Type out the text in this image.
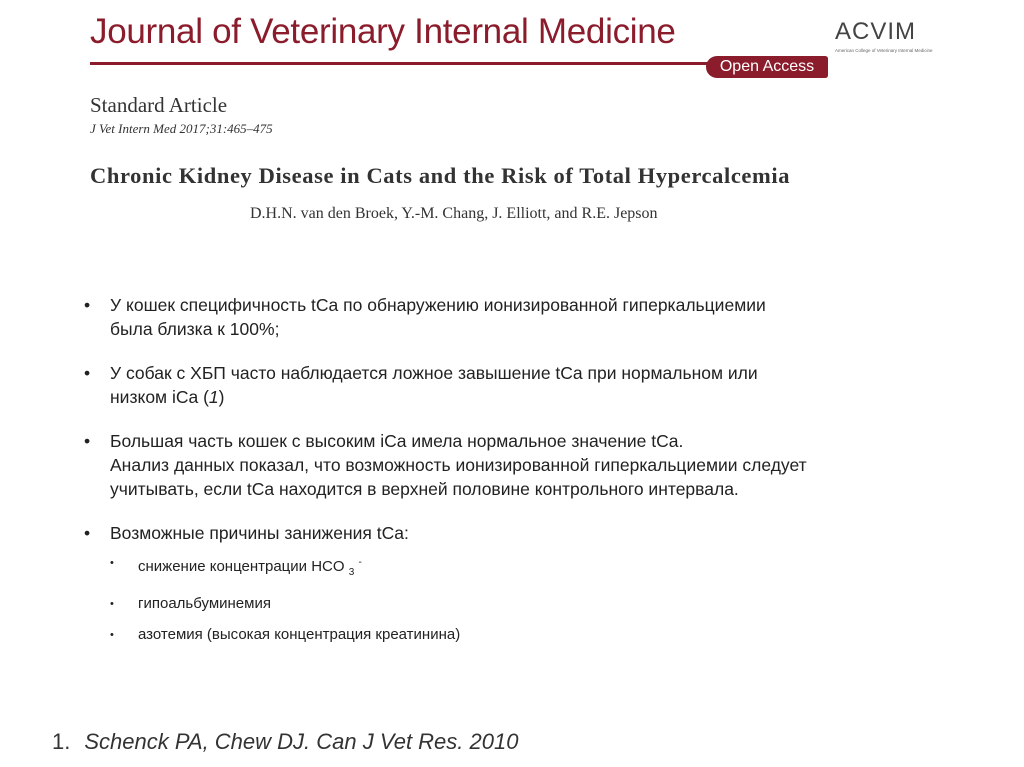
Journal of Veterinary Internal Medicine
Open Access
ACVIM
American College of Veterinary Internal Medicine
Standard Article
J Vet Intern Med 2017;31:465–475
Chronic Kidney Disease in Cats and the Risk of Total Hypercalcemia
D.H.N. van den Broek, Y.-M. Chang, J. Elliott, and R.E. Jepson
• У кошек специфичность tCa по обнаружению ионизированной гиперкальциемии

была близка к 100%;

• У собак с ХБП часто наблюдается ложное завышение tCa при нормальном или

низком iCa (1)

• Большая часть кошек с высоким iCa имела нормальное значение tCa.

Анализ данных показал, что возможность ионизированной гиперкальциемии следует

учитывать, если tCa находится в верхней половине контрольного интервала.

• Возможные причины занижения tCa:

• снижение концентрации HCO $_3$ -
• гипоальбуминемия
• азотемия (высокая концентрация креатинина)
1. Schenck PA, Chew DJ. Can J Vet Res. 2010
